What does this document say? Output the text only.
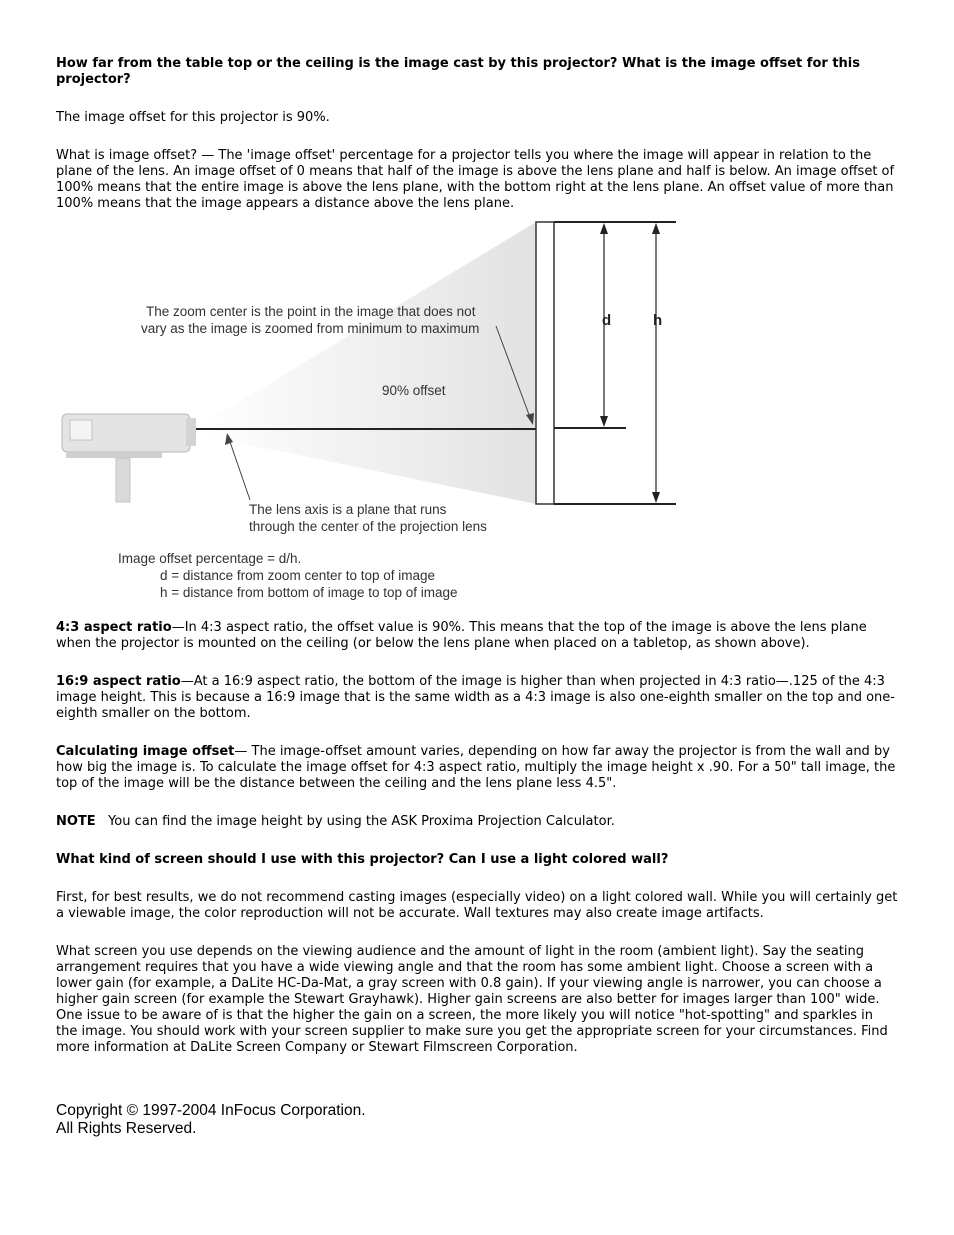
How far from the table top or the ceiling is the image cast by this projector? What is the image offset for this projector?

The image offset for this projector is 90%.

What is image offset? — The 'image offset' percentage for a projector tells you where the image will appear in relation to the plane of the lens. An image offset of 0 means that half of the image is above the lens plane and half is below. An image offset of 100% means that the entire image is above the lens plane, with the bottom right at the lens plane. An offset value of more than 100% means that the image appears a distance above the lens plane.

The zoom center is the point in the image that does not

vary as the image is zoomed from minimum to maximum

90% offset

d	h

The lens axis is a plane that runs

through the center of the projection lens

Image offset percentage = d/h.

d = distance from zoom center to top of image

h = distance from bottom of image to top of image

4:3 aspect ratio—In 4:3 aspect ratio, the offset value is 90%. This means that the top of the image is above the lens plane when the projector is mounted on the ceiling (or below the lens plane when placed on a tabletop, as shown above).

16:9 aspect ratio—At a 16:9 aspect ratio, the bottom of the image is higher than when projected in 4:3 ratio—.125 of the 4:3 image height. This is because a 16:9 image that is the same width as a 4:3 image is also one-eighth smaller on the top and one-eighth smaller on the bottom.

Calculating image offset— The image-offset amount varies, depending on how far away the projector is from the wall and by how big the image is. To calculate the image offset for 4:3 aspect ratio, multiply the image height x .90. For a 50" tall image, the top of the image will be the distance between the ceiling and the lens plane less 4.5".

NOTE You can find the image height by using the ASK Proxima Projection Calculator.

What kind of screen should I use with this projector? Can I use a light colored wall?

First, for best results, we do not recommend casting images (especially video) on a light colored wall. While you will certainly get a viewable image, the color reproduction will not be accurate. Wall textures may also create image artifacts.

What screen you use depends on the viewing audience and the amount of light in the room (ambient light). Say the seating arrangement requires that you have a wide viewing angle and that the room has some ambient light. Choose a screen with a lower gain (for example, a DaLite HC-Da-Mat, a gray screen with 0.8 gain). If your viewing angle is narrower, you can choose a higher gain screen (for example the Stewart Grayhawk). Higher gain screens are also better for images larger than 100" wide. One issue to be aware of is that the higher the gain on a screen, the more likely you will notice "hot-spotting" and sparkles in the image. You should work with your screen supplier to make sure you get the appropriate screen for your circumstances. Find more information at DaLite Screen Company or Stewart Filmscreen Corporation.

Copyright © 1997-2004 InFocus Corporation.

All Rights Reserved.
